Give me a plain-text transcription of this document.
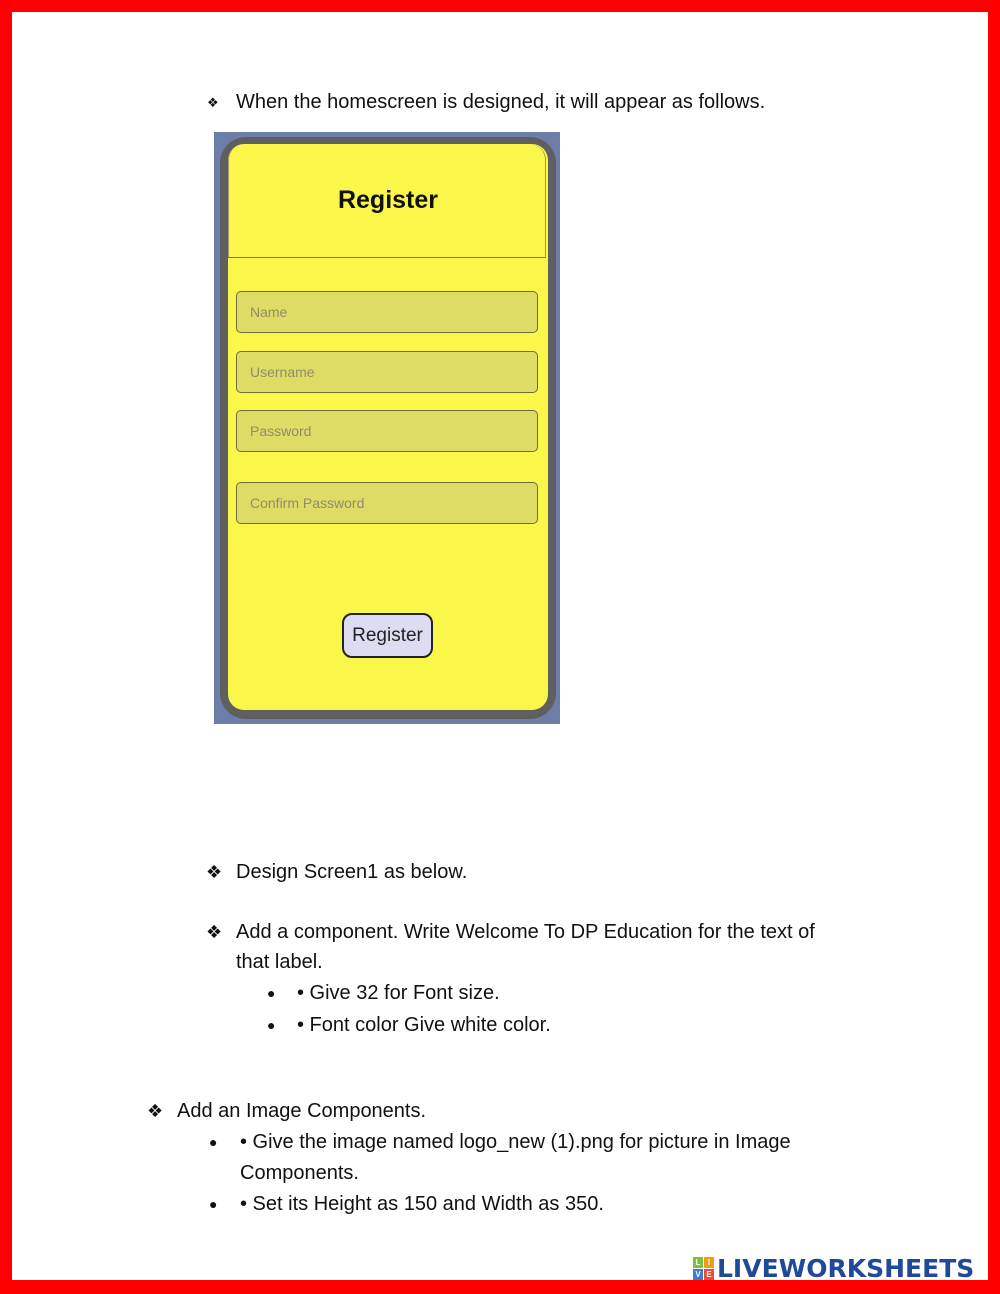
❖ When the homescreen is designed, it will appear as follows.
Register
Name
Username
Password
Confirm Password
Register
❖ Design Screen1 as below.
❖ Add a component. Write Welcome To DP Education for the text of
that label.
● • Give 32 for Font size.
● • Font color Give white color.
❖ Add an Image Components.
● • Give the image named logo_new (1).png for picture in Image
Components.
● • Set its Height as 150 and Width as 350.
L I
V E LIVEWORKSHEETS
